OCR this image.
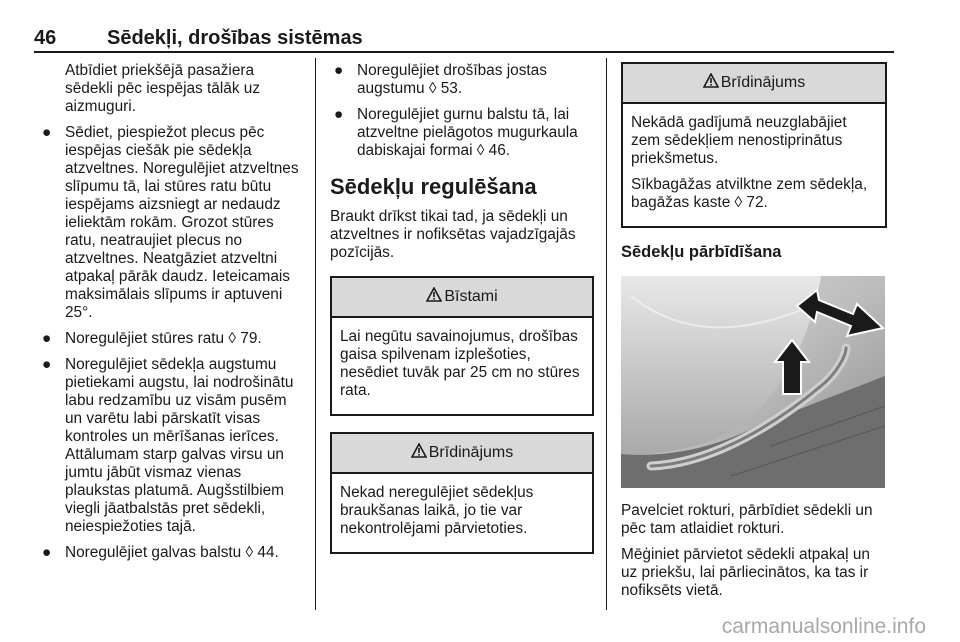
46	Sēdekļi, drošības sistēmas
Atbīdiet priekšējā pasažiera sēdekli pēc iespējas tālāk uz aizmuguri.
● Sēdiet, piespiežot plecus pēc iespējas ciešāk pie sēdekļa atzveltnes. Noregulējiet atzveltnes slīpumu tā, lai stūres ratu būtu iespējams aizsniegt ar nedaudz ieliektām rokām. Grozot stūres ratu, neatraujiet plecus no atzveltnes. Neatgāziet atzveltni atpakaļ pārāk daudz. Ieteicamais maksimālais slīpums ir aptuveni 25°.
● Noregulējiet stūres ratu ◊ 79.
● Noregulējiet sēdekļa augstumu pietiekami augstu, lai nodrošinātu labu redzamību uz visām pusēm un varētu labi pārskatīt visas kontroles un mērīšanas ierīces. Attālumam starp galvas virsu un jumtu jābūt vismaz vienas plaukstas platumā. Augšstilbiem viegli jāatbalstās pret sēdekli, neiespiežoties tajā.
● Noregulējiet galvas balstu ◊ 44.
● Noregulējiet drošības jostas augstumu ◊ 53.
● Noregulējiet gurnu balstu tā, lai atzveltne pielāgotos mugurkaula dabiskajai formai ◊ 46.
Sēdekļu regulēšana
Braukt drīkst tikai tad, ja sēdekļi un atzveltnes ir nofiksētas vajadzīgajās pozīcijās.
Bīstami
Lai negūtu savainojumus, drošības gaisa spilvenam izplešoties, nesēdiet tuvāk par 25 cm no stūres rata.
Brīdinājums
Nekad neregulējiet sēdekļus braukšanas laikā, jo tie var nekontrolējami pārvietoties.
Brīdinājums
Nekādā gadījumā neuzglabājiet zem sēdekļiem nenostiprinātus priekšmetus.
Sīkbagāžas atvilktne zem sēdekļa, bagāžas kaste ◊ 72.
Sēdekļu pārbīdīšana
Pavelciet rokturi, pārbīdiet sēdekli un pēc tam atlaidiet rokturi.
Mēģiniet pārvietot sēdekli atpakaļ un uz priekšu, lai pārliecinātos, ka tas ir nofiksēts vietā.
carmanualsonline.info
